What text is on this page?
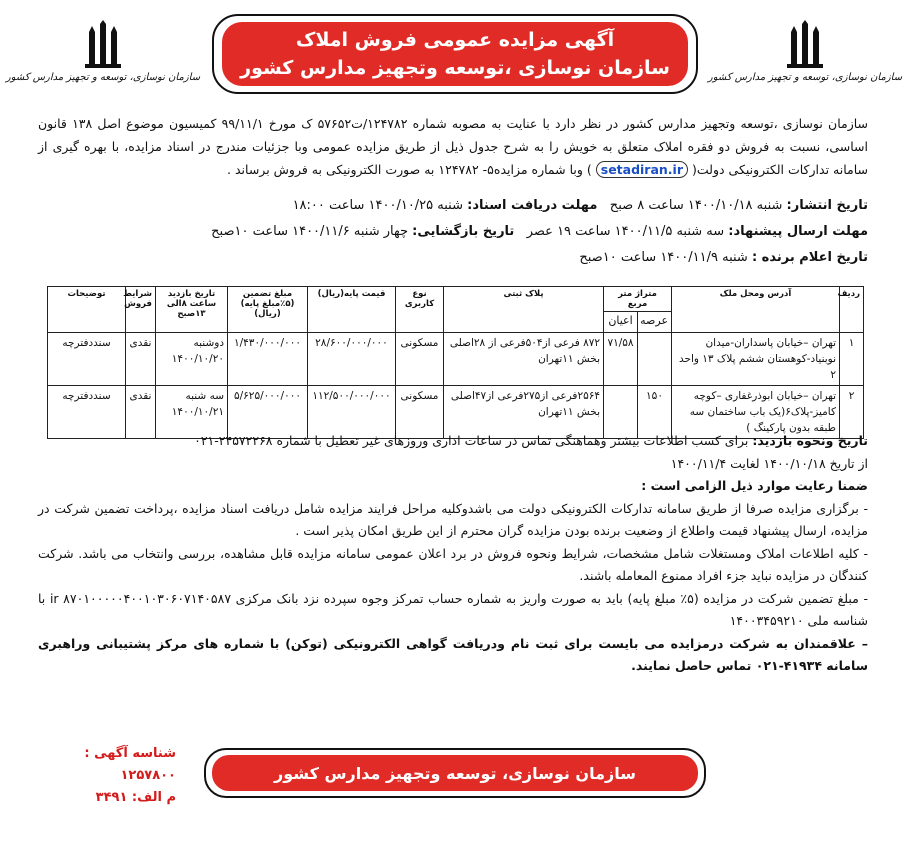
سازمان نوسازی، توسعه و تجهیز مدارس کشور
سازمان نوسازی، توسعه و تجهیز مدارس کشور
آگهی مزایده عمومی فروش املاک
سازمان نوسازی ،توسعه وتجهیز مدارس کشور
سازمان نوسازی ،توسعه وتجهیز مدارس کشور در نظر دارد با عنایت به مصوبه شماره ۱۲۴۷۸۲/ت۵۷۶۵۲ ک مورخ ۹۹/۱۱/۱ کمیسیون موضوع اصل ۱۳۸ قانون اساسی، نسبت به فروش دو فقره املاک متعلق به خویش را به شرح جدول ذیل از طریق مزایده عمومی وبا جزئیات مندرج در اسناد مزایده، با بهره گیری از سامانه تدارکات الکترونیکی دولت( setadiran.ir ) وبا شماره مزایده۵- ۱۲۴۷۸۲ به صورت الکترونیکی به فروش برساند .
تاریخ انتشار: شنبه ۱۴۰۰/۱۰/۱۸ ساعت ۸ صبح   مهلت دریافت اسناد: شنبه ۱۴۰۰/۱۰/۲۵ ساعت ۱۸:۰۰
مهلت ارسال پیشنهاد: سه شنبه ۱۴۰۰/۱۱/۵ ساعت ۱۹ عصر   تاریخ بازگشایی: چهار شنبه ۱۴۰۰/۱۱/۶ ساعت ۱۰صبح
تاریخ اعلام برنده : شنبه ۱۴۰۰/۱۱/۹ ساعت ۱۰صبح
ردیف	آدرس ومحل ملک	متراژ متر مربع		پلاک ثبتی	نوع کاربری	قیمت پایه(ریال)	مبلغ تضمین (۵٪مبلغ پایه) (ریال)	تاریخ بازدید ساعت ۸الی ۱۳صبح	شرایط فروش	توضیحات
		عرصه	اعیان							
۱	تهران –خیابان پاسداران-میدان نوبنیاد-کوهستان ششم پلاک ۱۳ واحد ۲		۷۱/۵۸	۸۷۲ فرعی از۵۰۴فرعی از ۲۸اصلی بخش ۱۱تهران	مسکونی	۲۸/۶۰۰/۰۰۰/۰۰۰	۱/۴۳۰/۰۰۰/۰۰۰	دوشنبه ۱۴۰۰/۱۰/۲۰	نقدی	سنددفترچه
۲	تهران –خیابان ابوذرغفاری –کوچه کامیز-پلاک۶(یک باب ساختمان سه طبقه بدون پارکینگ )	۱۵۰		۲۵۶۴فرعی از۲۷۵فرعی از۴۷اصلی بخش ۱۱تهران	مسکونی	۱۱۲/۵۰۰/۰۰۰/۰۰۰	۵/۶۲۵/۰۰۰/۰۰۰	سه شنبه ۱۴۰۰/۱۰/۲۱	نقدی	سنددفترچه

تاریخ ونحوه بازدید: برای کسب اطلاعات بیشتر وهماهنگی تماس در ساعات اداری وروزهای غیر تعطیل با شماره ۲۴۵۷۲۲۶۸-۰۲۱

از تاریخ ۱۴۰۰/۱۰/۱۸ لغایت ۱۴۰۰/۱۱/۴

ضمنا رعایت موارد ذیل الزامی است :

- برگزاری مزایده صرفا از طریق سامانه تدارکات الکترونیکی دولت می باشدوکلیه مراحل فرایند مزایده شامل دریافت اسناد مزایده ،پرداخت تضمین شرکت در مزایده، ارسال پیشنهاد قیمت واطلاع از وضعیت برنده بودن مزایده گران محترم از این طریق امکان پذیر است .

- کلیه اطلاعات املاک ومستغلات شامل مشخصات، شرایط ونحوه فروش در برد اعلان عمومی سامانه مزایده قابل مشاهده، بررسی وانتخاب می باشد. شرکت کنندگان در مزایده نباید جزء افراد ممنوع المعامله باشند.

- مبلغ تضمین شرکت در مزایده (۵٪ مبلغ پایه) باید به صورت واریز به شماره حساب تمرکز وجوه سپرده نزد بانک مرکزی ir ۸۷۰۱۰۰۰۰۰۴۰۰۱۰۳۰۶۰۷۱۴۰۵۸۷ با شناسه ملی ۱۴۰۰۳۴۵۹۲۱۰

– علاقمندان به شرکت درمزایده می بایست برای ثبت نام ودریافت گواهی الکترونیکی (توکن) با شماره های مرکز پشتیبانی وراهبری سامانه ۴۱۹۳۴-۰۲۱ تماس حاصل نمایند.

شناسه آگهی : ۱۲۵۷۸۰۰
م الف: ۳۴۹۱
سازمان نوسازی، توسعه وتجهیز مدارس کشور
